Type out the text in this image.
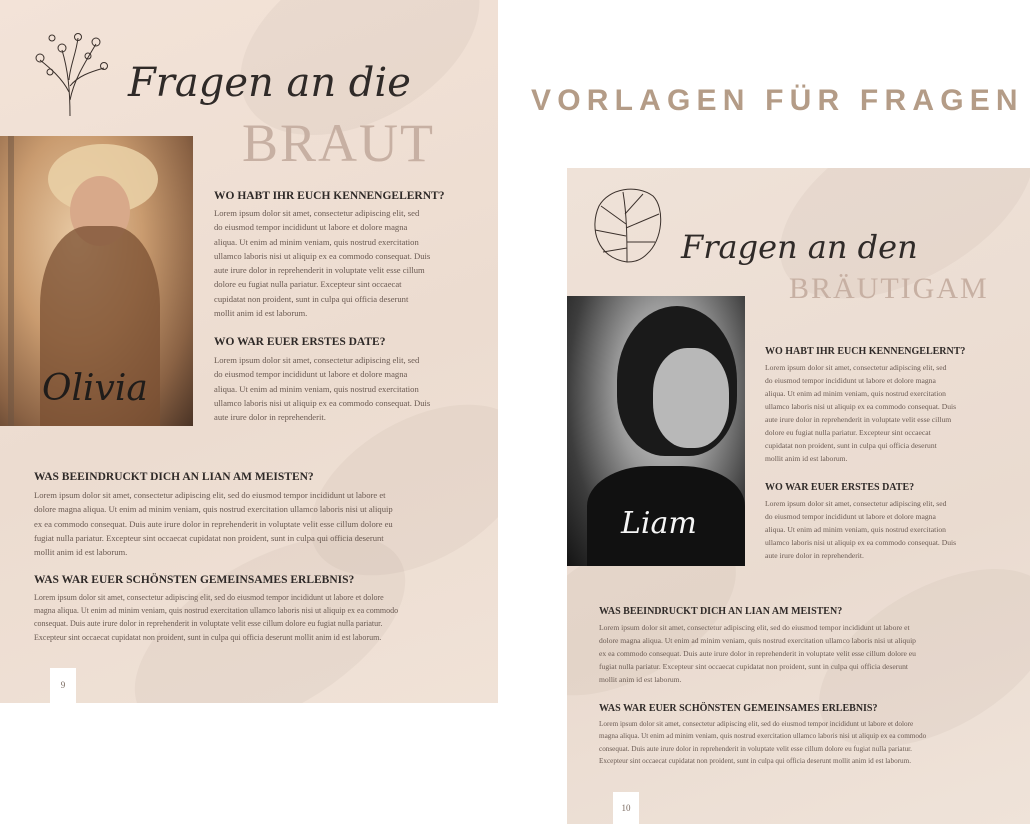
VORLAGEN FÜR FRAGEN
Fragen an die
BRAUT
Olivia
WO HABT IHR EUCH KENNENGELERNT?

Lorem ipsum dolor sit amet, consectetur adipiscing elit, sed
do eiusmod tempor incididunt ut labore et dolore magna
aliqua. Ut enim ad minim veniam, quis nostrud exercitation
ullamco laboris nisi ut aliquip ex ea commodo consequat. Duis
aute irure dolor in reprehenderit in voluptate velit esse cillum
dolore eu fugiat nulla pariatur. Excepteur sint occaecat
cupidatat non proident, sunt in culpa qui officia deserunt
mollit anim id est laborum.

WO WAR EUER ERSTES DATE?

Lorem ipsum dolor sit amet, consectetur adipiscing elit, sed
do eiusmod tempor incididunt ut labore et dolore magna
aliqua. Ut enim ad minim veniam, quis nostrud exercitation
ullamco laboris nisi ut aliquip ex ea commodo consequat. Duis
aute irure dolor in reprehenderit.

WAS BEEINDRUCKT DICH AN LIAN AM MEISTEN?

Lorem ipsum dolor sit amet, consectetur adipiscing elit, sed do eiusmod tempor incididunt ut labore et
dolore magna aliqua. Ut enim ad minim veniam, quis nostrud exercitation ullamco laboris nisi ut aliquip
ex ea commodo consequat. Duis aute irure dolor in reprehenderit in voluptate velit esse cillum dolore eu
fugiat nulla pariatur. Excepteur sint occaecat cupidatat non proident, sunt in culpa qui officia deserunt
mollit anim id est laborum.

WAS WAR EUER SCHÖNSTEN GEMEINSAMES ERLEBNIS?

Lorem ipsum dolor sit amet, consectetur adipiscing elit, sed do eiusmod tempor incididunt ut labore et dolore
magna aliqua. Ut enim ad minim veniam, quis nostrud exercitation ullamco laboris nisi ut aliquip ex ea commodo
consequat. Duis aute irure dolor in reprehenderit in voluptate velit esse cillum dolore eu fugiat nulla pariatur.
Excepteur sint occaecat cupidatat non proident, sunt in culpa qui officia deserunt mollit anim id est laborum.

9
Fragen an den
BRÄUTIGAM
Liam
WO HABT IHR EUCH KENNENGELERNT?

Lorem ipsum dolor sit amet, consectetur adipiscing elit, sed
do eiusmod tempor incididunt ut labore et dolore magna
aliqua. Ut enim ad minim veniam, quis nostrud exercitation
ullamco laboris nisi ut aliquip ex ea commodo consequat. Duis
aute irure dolor in reprehenderit in voluptate velit esse cillum
dolore eu fugiat nulla pariatur. Excepteur sint occaecat
cupidatat non proident, sunt in culpa qui officia deserunt
mollit anim id est laborum.

WO WAR EUER ERSTES DATE?

Lorem ipsum dolor sit amet, consectetur adipiscing elit, sed
do eiusmod tempor incididunt ut labore et dolore magna
aliqua. Ut enim ad minim veniam, quis nostrud exercitation
ullamco laboris nisi ut aliquip ex ea commodo consequat. Duis
aute irure dolor in reprehenderit.

WAS BEEINDRUCKT DICH AN LIAN AM MEISTEN?

Lorem ipsum dolor sit amet, consectetur adipiscing elit, sed do eiusmod tempor incididunt ut labore et
dolore magna aliqua. Ut enim ad minim veniam, quis nostrud exercitation ullamco laboris nisi ut aliquip
ex ea commodo consequat. Duis aute irure dolor in reprehenderit in voluptate velit esse cillum dolore eu
fugiat nulla pariatur. Excepteur sint occaecat cupidatat non proident, sunt in culpa qui officia deserunt
mollit anim id est laborum.

WAS WAR EUER SCHÖNSTEN GEMEINSAMES ERLEBNIS?

Lorem ipsum dolor sit amet, consectetur adipiscing elit, sed do eiusmod tempor incididunt ut labore et dolore
magna aliqua. Ut enim ad minim veniam, quis nostrud exercitation ullamco laboris nisi ut aliquip ex ea commodo
consequat. Duis aute irure dolor in reprehenderit in voluptate velit esse cillum dolore eu fugiat nulla pariatur.
Excepteur sint occaecat cupidatat non proident, sunt in culpa qui officia deserunt mollit anim id est laborum.

10
